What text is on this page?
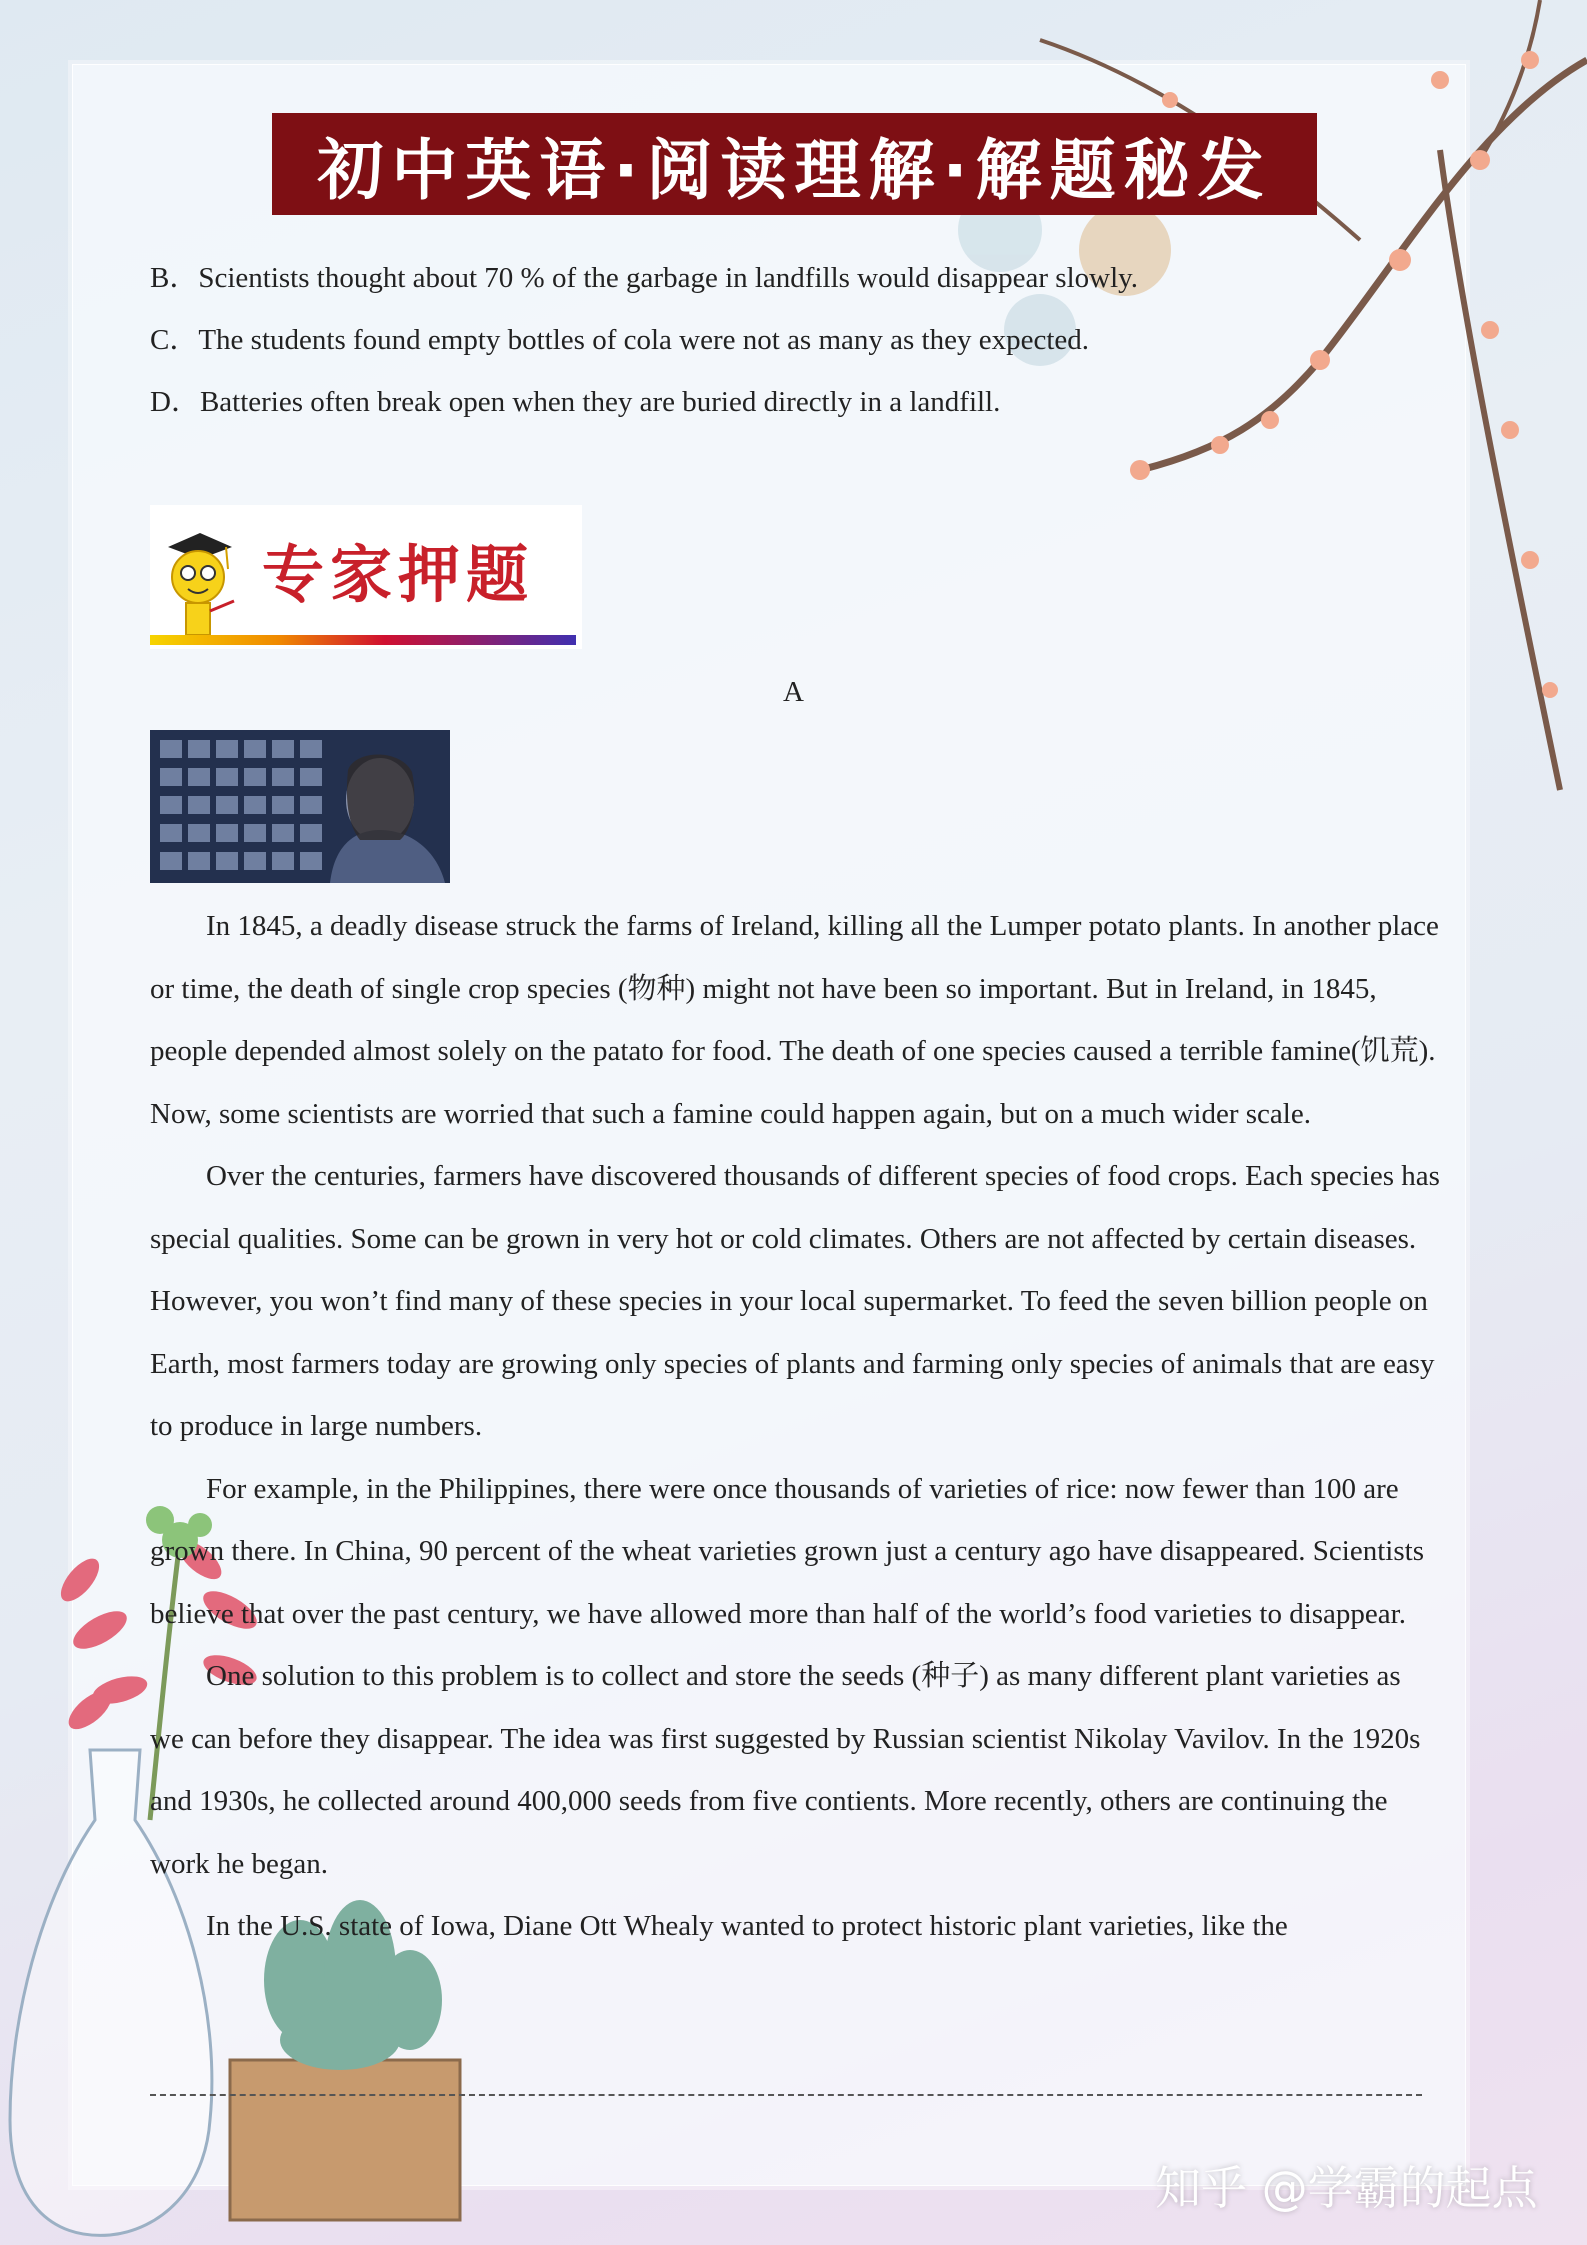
初中英语·阅读理解·解题秘发
B．Scientists thought about 70 % of the garbage in landfills would disappear slowly.
C．The students found empty bottles of cola were not as many as they expected.
D．Batteries often break open when they are buried directly in a landfill.
专家押题
A

In 1845, a deadly disease struck the farms of Ireland, killing all the Lumper potato plants. In another place or time, the death of single crop species (物种) might not have been so important. But in Ireland, in 1845, people depended almost solely on the patato for food. The death of one species caused a terrible famine(饥荒). Now, some scientists are worried that such a famine could happen again, but on a much wider scale.

Over the centuries, farmers have discovered thousands of different species of food crops. Each species has special qualities. Some can be grown in very hot or cold climates. Others are not affected by certain diseases. However, you won’t find many of these species in your local supermarket. To feed the seven billion people on Earth, most farmers today are growing only species of plants and farming only species of animals that are easy to produce in large numbers.

For example, in the Philippines, there were once thousands of varieties of rice: now fewer than 100 are grown there. In China, 90 percent of the wheat varieties grown just a century ago have disappeared. Scientists believe that over the past century, we have allowed more than half of the world’s food varieties to disappear.

One solution to this problem is to collect and store the seeds (种子) as many different plant varieties as we can before they disappear. The idea was first suggested by Russian scientist Nikolay Vavilov. In the 1920s and 1930s, he collected around 400,000 seeds from five contients. More recently, others are continuing the work he began.

In the U.S. state of Iowa, Diane Ott Whealy wanted to protect historic plant varieties, like the

知乎 @学霸的起点
